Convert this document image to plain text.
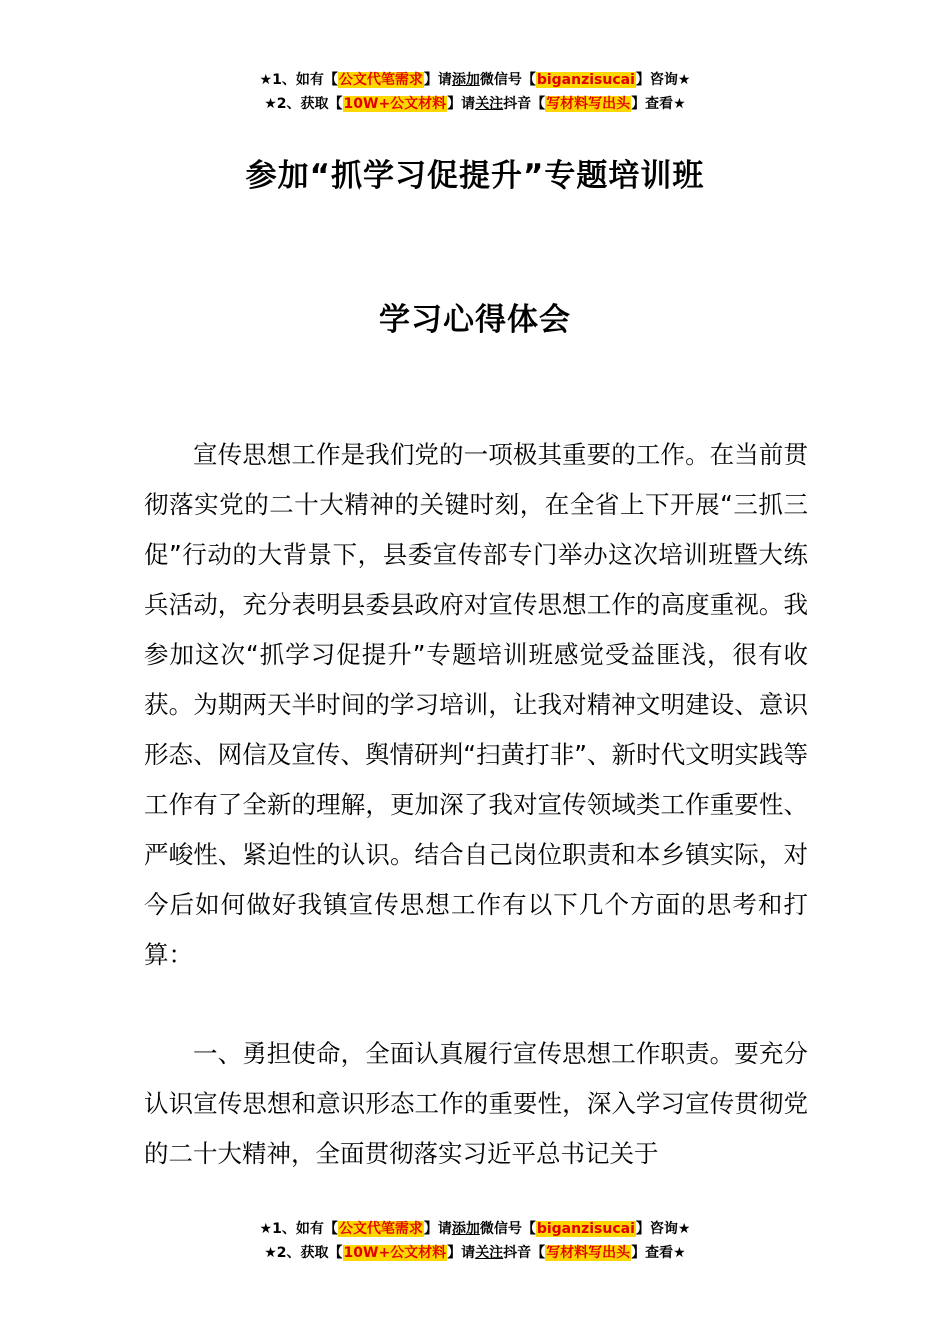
★1、如有【公文代笔需求】请添加微信号【biganzisucai】咨询★
★2、获取【10W+公文材料】请关注抖音【写材料写出头】查看★
参加“抓学习促提升”专题培训班
学习心得体会

宣传思想工作是我们党的一项极其重要的工作。在当前贯彻落实党的二十大精神的关键时刻，在全省上下开展“三抓三促”行动的大背景下，县委宣传部专门举办这次培训班暨大练兵活动，充分表明县委县政府对宣传思想工作的高度重视。我参加这次“抓学习促提升”专题培训班感觉受益匪浅，很有收获。为期两天半时间的学习培训，让我对精神文明建设、意识形态、网信及宣传、舆情研判“扫黄打非”、新时代文明实践等工作有了全新的理解，更加深了我对宣传领域类工作重要性、严峻性、紧迫性的认识。结合自己岗位职责和本乡镇实际，对今后如何做好我镇宣传思想工作有以下几个方面的思考和打算：

一、勇担使命，全面认真履行宣传思想工作职责。要充分认识宣传思想和意识形态工作的重要性，深入学习宣传贯彻党的二十大精神，全面贯彻落实习近平总书记关于

★1、如有【公文代笔需求】请添加微信号【biganzisucai】咨询★
★2、获取【10W+公文材料】请关注抖音【写材料写出头】查看★
